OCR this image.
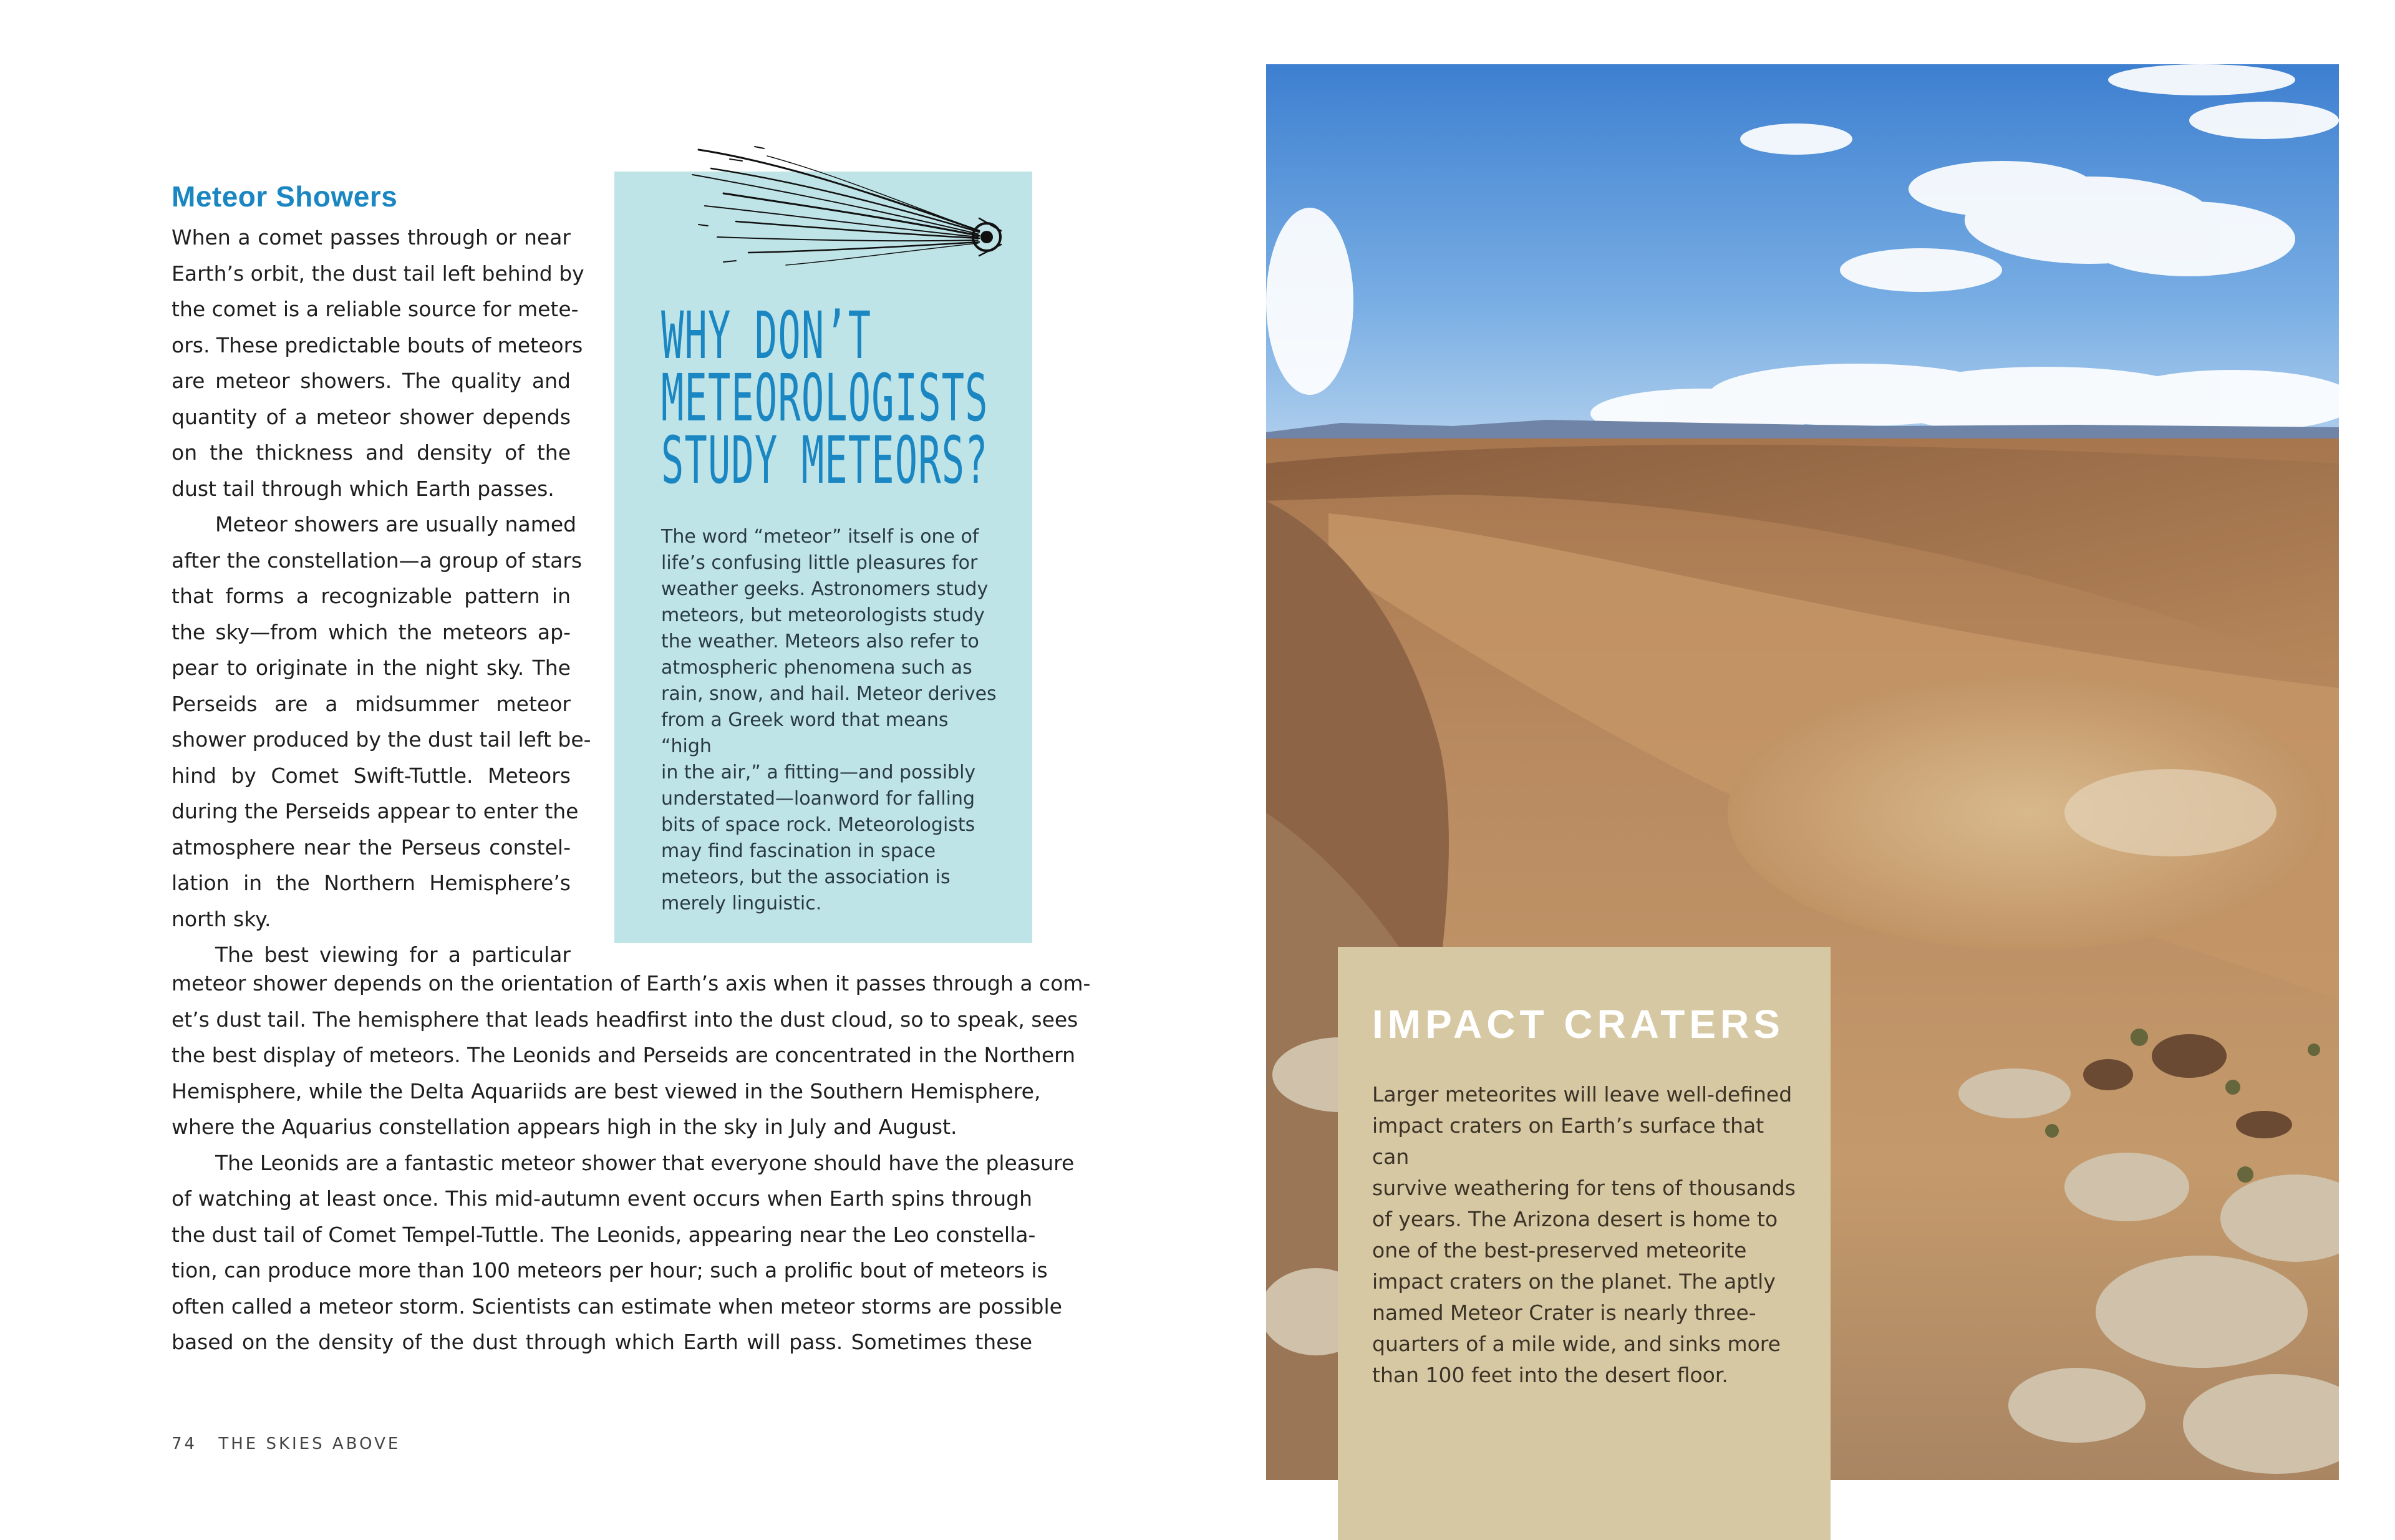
Meteor Showers

When a comet passes through or near
Earth’s orbit, the dust tail left behind by
the comet is a reliable source for mete-
ors. These predictable bouts of meteors
are meteor showers. The quality and
quantity of a meteor shower depends
on the thickness and density of the
dust tail through which Earth passes.

Meteor showers are usually named
after the constellation—a group of stars
that forms a recognizable pattern in
the sky—from which the meteors ap-
pear to originate in the night sky. The
Perseids are a midsummer meteor
shower produced by the dust tail left be-
hind by Comet Swift-Tuttle. Meteors
during the Perseids appear to enter the
atmosphere near the Perseus constel-
lation in the Northern Hemisphere’s
north sky.

The best viewing for a particular

meteor shower depends on the orientation of Earth’s axis when it passes through a com-
et’s dust tail. The hemisphere that leads headfirst into the dust cloud, so to speak, sees
the best display of meteors. The Leonids and Perseids are concentrated in the Northern
Hemisphere, while the Delta Aquariids are best viewed in the Southern Hemisphere,
where the Aquarius constellation appears high in the sky in July and August.

The Leonids are a fantastic meteor shower that everyone should have the pleasure
of watching at least once. This mid-autumn event occurs when Earth spins through
the dust tail of Comet Tempel-Tuttle. The Leonids, appearing near the Leo constella-
tion, can produce more than 100 meteors per hour; such a prolific bout of meteors is
often called a meteor storm. Scientists can estimate when meteor storms are possible
based on the density of the dust through which Earth will pass. Sometimes these

WHY DON’T
METEOROLOGISTS
STUDY METEORS?

The word “meteor” itself is one of
life’s confusing little pleasures for
weather geeks. Astronomers study
meteors, but meteorologists study
the weather. Meteors also refer to
atmospheric phenomena such as
rain, snow, and hail. Meteor derives
from a Greek word that means “high
in the air,” a fitting—and possibly
understated—loanword for falling
bits of space rock. Meteorologists
may find fascination in space
meteors, but the association is
merely linguistic.

74 THE SKIES ABOVE
IMPACT CRATERS

Larger meteorites will leave well-defined
impact craters on Earth’s surface that can
survive weathering for tens of thousands
of years. The Arizona desert is home to
one of the best-preserved meteorite
impact craters on the planet. The aptly
named Meteor Crater is nearly three-
quarters of a mile wide, and sinks more
than 100 feet into the desert floor.
